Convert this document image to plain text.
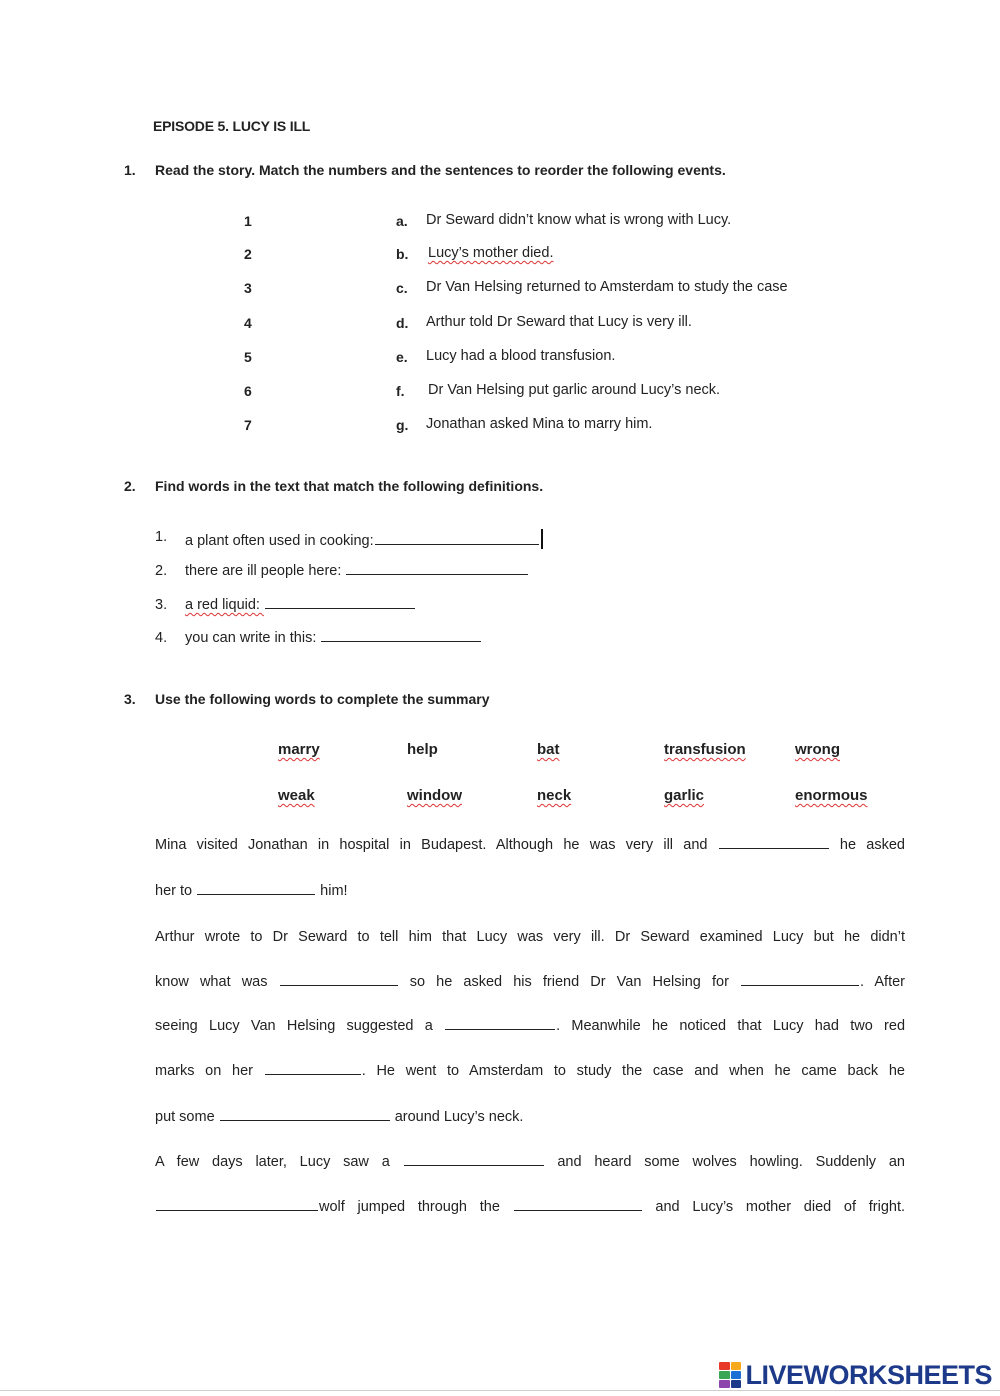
EPISODE 5. LUCY IS ILL
1. Read the story. Match the numbers and the sentences to reorder the following events.
1	a. Dr Seward didn’t know what is wrong with Lucy.
2	b. Lucy’s mother died.
3	c. Dr Van Helsing returned to Amsterdam to study the case
4	d. Arthur told Dr Seward that Lucy is very ill.
5	e. Lucy had a blood transfusion.
6	f. Dr Van Helsing put garlic around Lucy’s neck.
7	g. Jonathan asked Mina to marry him.
2. Find words in the text that match the following definitions.
1. a plant often used in cooking:
2. there are ill people here:
3. a red liquid:
4. you can write in this:
3. Use the following words to complete the summary
marry	help	bat	transfusion	wrong
weak	window	neck	garlic	enormous
Mina visited Jonathan in hospital in Budapest. Although he was very ill and	he asked
her to	him!
Arthur wrote to Dr Seward to tell him that Lucy was very ill. Dr Seward examined Lucy but he didn’t
know what was	so he asked his friend Dr Van Helsing for	. After
seeing Lucy Van Helsing suggested a	. Meanwhile he noticed that Lucy had two red
marks on her	. He went to Amsterdam to study the case and when he came back he
put some	around Lucy’s neck.
A few days later, Lucy saw a	and heard some wolves howling. Suddenly an
wolf jumped through the	and Lucy’s mother died of fright.
LIVEWORKSHEETS
